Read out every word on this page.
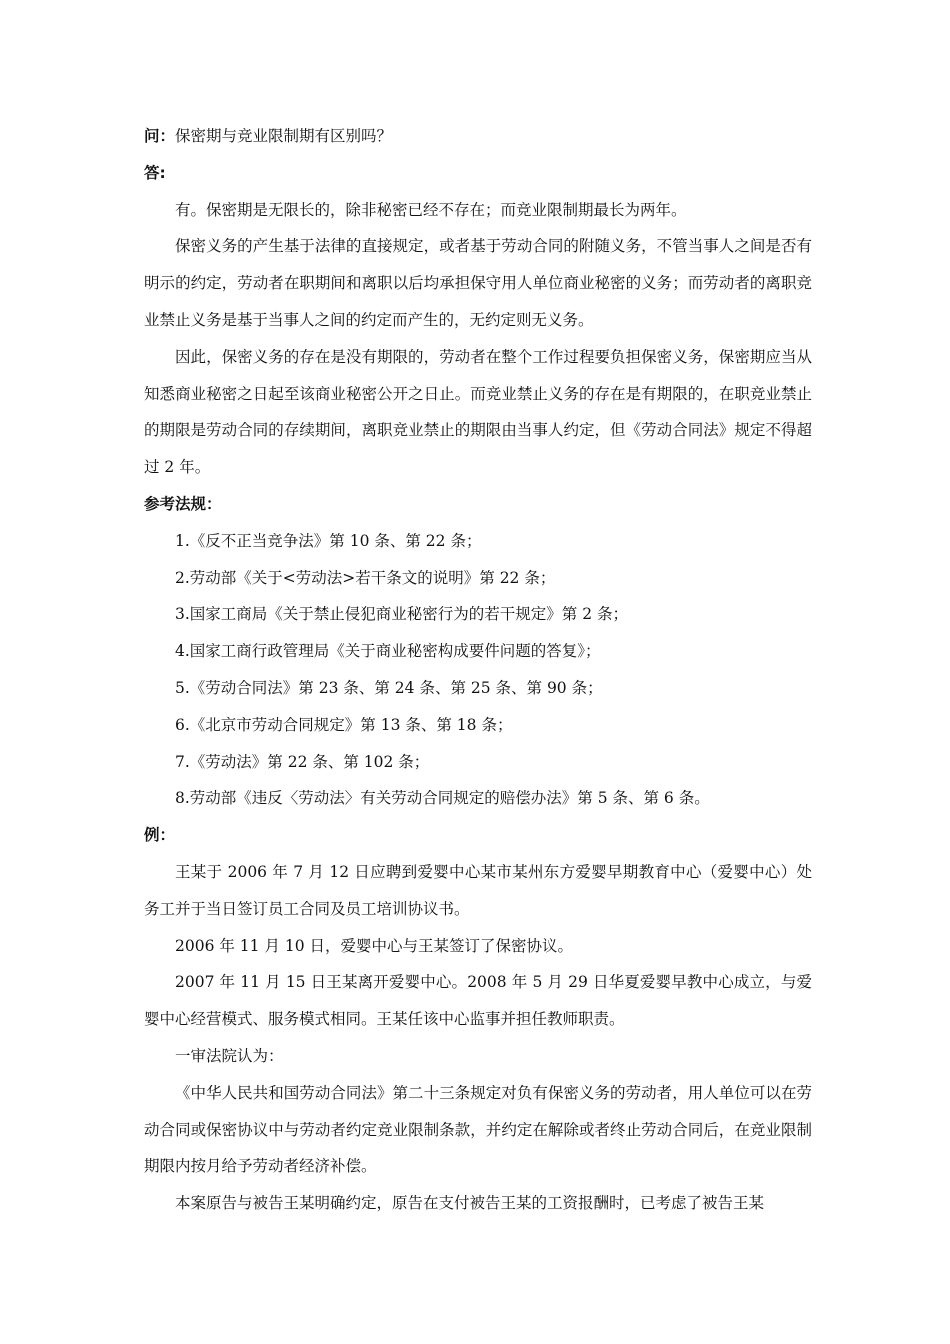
问：保密期与竞业限制期有区别吗？

答:

有。保密期是无限长的，除非秘密已经不存在；而竞业限制期最长为两年。

保密义务的产生基于法律的直接规定，或者基于劳动合同的附随义务，不管当事人之间是否有明示的约定，劳动者在职期间和离职以后均承担保守用人单位商业秘密的义务；而劳动者的离职竞业禁止义务是基于当事人之间的约定而产生的，无约定则无义务。

因此，保密义务的存在是没有期限的，劳动者在整个工作过程要负担保密义务，保密期应当从知悉商业秘密之日起至该商业秘密公开之日止。而竞业禁止义务的存在是有期限的，在职竞业禁止的期限是劳动合同的存续期间，离职竞业禁止的期限由当事人约定，但《劳动合同法》规定不得超过 2 年。

参考法规：

1.《反不正当竞争法》第 10 条、第 22 条；

2.劳动部《关于<劳动法>若干条文的说明》第 22 条；

3.国家工商局《关于禁止侵犯商业秘密行为的若干规定》第 2 条；

4.国家工商行政管理局《关于商业秘密构成要件问题的答复》；

5.《劳动合同法》第 23 条、第 24 条、第 25 条、第 90 条；

6.《北京市劳动合同规定》第 13 条、第 18 条；

7.《劳动法》第 22 条、第 102 条；

8.劳动部《违反〈劳动法〉有关劳动合同规定的赔偿办法》第 5 条、第 6 条。

例：

王某于 2006 年 7 月 12 日应聘到爱婴中心某市某州东方爱婴早期教育中心（爱婴中心）处务工并于当日签订员工合同及员工培训协议书。

2006 年 11 月 10 日，爱婴中心与王某签订了保密协议。

2007 年 11 月 15 日王某离开爱婴中心。2008 年 5 月 29 日华夏爱婴早教中心成立，与爱婴中心经营模式、服务模式相同。王某任该中心监事并担任教师职责。

一审法院认为：

《中华人民共和国劳动合同法》第二十三条规定对负有保密义务的劳动者，用人单位可以在劳动合同或保密协议中与劳动者约定竞业限制条款，并约定在解除或者终止劳动合同后，在竞业限制期限内按月给予劳动者经济补偿。

本案原告与被告王某明确约定，原告在支付被告王某的工资报酬时，已考虑了被告王某
